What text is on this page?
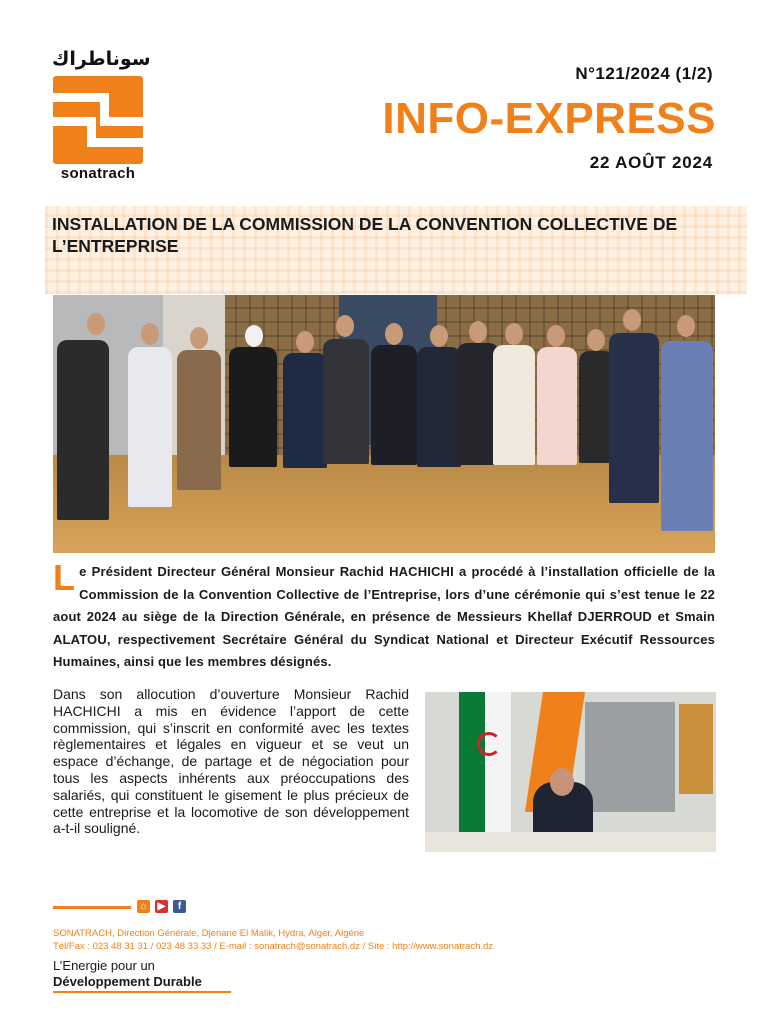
سوناطراك
sonatrach
N°121/2024 (1/2)
INFO-EXPRESS
22 AOÛT 2024
INSTALLATION DE LA COMMISSION DE LA CONVENTION COLLECTIVE DE L’ENTREPRISE
Le Président Directeur Général Monsieur Rachid HACHICHI a procédé à l’installation officielle de la Commission de la Convention Collective de l’Entreprise, lors d’une cérémonie qui s’est tenue le 22 aout 2024 au siège de la Direction Générale, en présence de Messieurs Khellaf DJERROUD et Smain ALATOU, respectivement Secrétaire Général du Syndicat National et Directeur Exécutif Ressources Humaines, ainsi que les membres désignés.
Dans son allocution d’ouverture Monsieur Rachid HACHICHI a mis en évidence l’apport de cette commission, qui s’inscrit en conformité avec les textes règlementaires et légales en vigueur et se veut un espace d’échange, de partage et de négociation pour tous les aspects inhérents aux préoccupations des salariés, qui constituent le gisement le plus précieux de cette entreprise et la locomotive de son développement a-t-il souligné.
⌂	▶	f
SONATRACH, Direction Générale, Djenane El Malik, Hydra, Alger, Algérie
Tél/Fax : 023 48 31 31 / 023 48 33 33 / E-mail : sonatrach@sonatrach.dz / Site : http://www.sonatrach.dz
L’Energie pour un
Développement Durable
